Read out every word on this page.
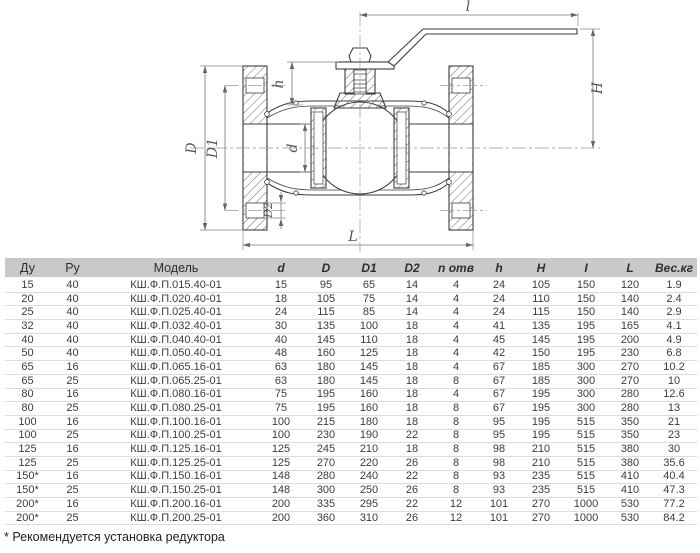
l
H
D D1
h
d
D2
L
Ду	Ру	Модель	d	D	D1	D2	n отв	h	H	I	L	Вес.кг
15	40	КШ.Ф.П.015.40-01	15	95	65	14	4	24	105	150	120	1.9
20	40	КШ.Ф.П.020.40-01	18	105	75	14	4	24	110	150	140	2.4
25	40	КШ.Ф.П.025.40-01	24	115	85	14	4	24	115	150	140	2.9
32	40	КШ.Ф.П.032.40-01	30	135	100	18	4	41	135	195	165	4.1
40	40	КШ.Ф.П.040.40-01	40	145	110	18	4	45	145	195	200	4.9
50	40	КШ.Ф.П.050.40-01	48	160	125	18	4	42	150	195	230	6.8
65	16	КШ.Ф.П.065.16-01	63	180	145	18	4	67	185	300	270	10.2
65	25	КШ.Ф.П.065.25-01	63	180	145	18	8	67	185	300	270	10
80	16	КШ.Ф.П.080.16-01	75	195	160	18	4	67	195	300	280	12.6
80	25	КШ.Ф.П.080.25-01	75	195	160	18	8	67	195	300	280	13
100	16	КШ.Ф.П.100.16-01	100	215	180	18	8	95	195	515	350	21
100	25	КШ.Ф.П.100.25-01	100	230	190	22	8	95	195	515	350	23
125	16	КШ.Ф.П.125.16-01	125	245	210	18	8	98	210	515	380	30
125	25	КШ.Ф.П.125.25-01	125	270	220	26	8	98	210	515	380	35.6
150*	16	КШ.Ф.П.150.16-01	148	280	240	22	8	93	235	515	410	40.4
150*	25	КШ.Ф.П.150.25-01	148	300	250	26	8	93	235	515	410	47.3
200*	16	КШ.Ф.П.200.16-01	200	335	295	22	12	101	270	1000	530	77.2
200*	25	КШ.Ф.П.200.25-01	200	360	310	26	12	101	270	1000	530	84.2
* Рекомендуется установка редуктора
